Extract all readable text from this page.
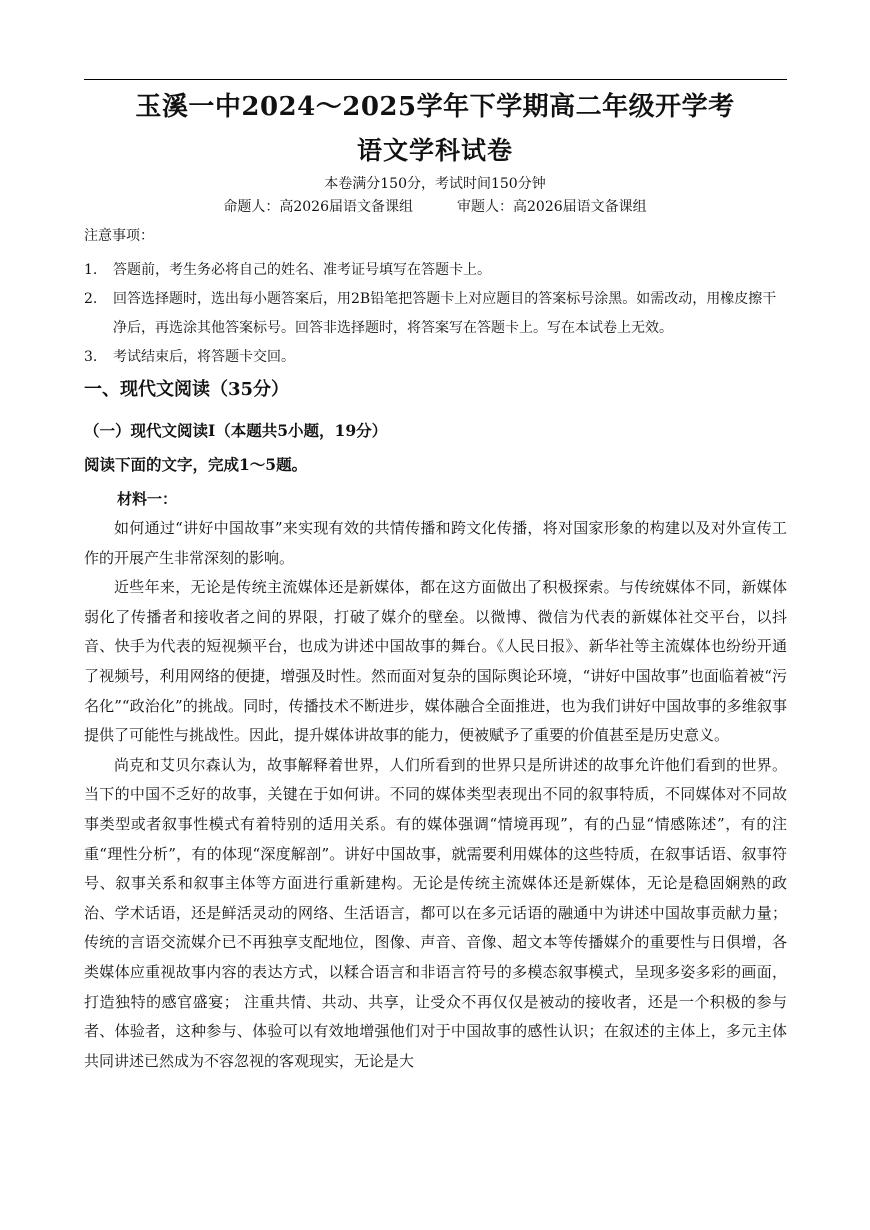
玉溪一中2024～2025学年下学期高二年级开学考
语文学科试卷
本卷满分150分，考试时间150分钟
命题人：高2026届语文备课组	审题人：高2026届语文备课组
注意事项：
1. 答题前，考生务必将自己的姓名、准考证号填写在答题卡上。
2. 回答选择题时，选出每小题答案后，用2B铅笔把答题卡上对应题目的答案标号涂黑。如需改动，用橡皮擦干净后，再选涂其他答案标号。回答非选择题时，将答案写在答题卡上。写在本试卷上无效。
3. 考试结束后，将答题卡交回。
一、现代文阅读（35分）
（一）现代文阅读Ⅰ（本题共5小题，19分）
阅读下面的文字，完成1～5题。
材料一：

如何通过“讲好中国故事”来实现有效的共情传播和跨文化传播，将对国家形象的构建以及对外宣传工作的开展产生非常深刻的影响。

近些年来，无论是传统主流媒体还是新媒体，都在这方面做出了积极探索。与传统媒体不同，新媒体弱化了传播者和接收者之间的界限，打破了媒介的壁垒。以微博、微信为代表的新媒体社交平台，以抖音、快手为代表的短视频平台，也成为讲述中国故事的舞台。《人民日报》、新华社等主流媒体也纷纷开通了视频号，利用网络的便捷，增强及时性。然而面对复杂的国际舆论环境，“讲好中国故事”也面临着被“污名化”“政治化”的挑战。同时，传播技术不断进步，媒体融合全面推进，也为我们讲好中国故事的多维叙事提供了可能性与挑战性。因此，提升媒体讲故事的能力，便被赋予了重要的价值甚至是历史意义。

尚克和艾贝尔森认为，故事解释着世界，人们所看到的世界只是所讲述的故事允许他们看到的世界。当下的中国不乏好的故事，关键在于如何讲。不同的媒体类型表现出不同的叙事特质，不同媒体对不同故事类型或者叙事性模式有着特别的适用关系。有的媒体强调“情境再现”，有的凸显“情感陈述”，有的注重“理性分析”，有的体现“深度解剖”。讲好中国故事，就需要利用媒体的这些特质，在叙事话语、叙事符号、叙事关系和叙事主体等方面进行重新建构。无论是传统主流媒体还是新媒体，无论是稳固娴熟的政治、学术话语，还是鲜活灵动的网络、生活语言，都可以在多元话语的融通中为讲述中国故事贡献力量；传统的言语交流媒介已不再独享支配地位，图像、声音、音像、超文本等传播媒介的重要性与日俱增，各类媒体应重视故事内容的表达方式，以糅合语言和非语言符号的多模态叙事模式，呈现多姿多彩的画面，打造独特的感官盛宴； 注重共情、共动、共享，让受众不再仅仅是被动的接收者，还是一个积极的参与者、体验者，这种参与、体验可以有效地增强他们对于中国故事的感性认识；在叙述的主体上，多元主体共同讲述已然成为不容忽视的客观现实，无论是大
